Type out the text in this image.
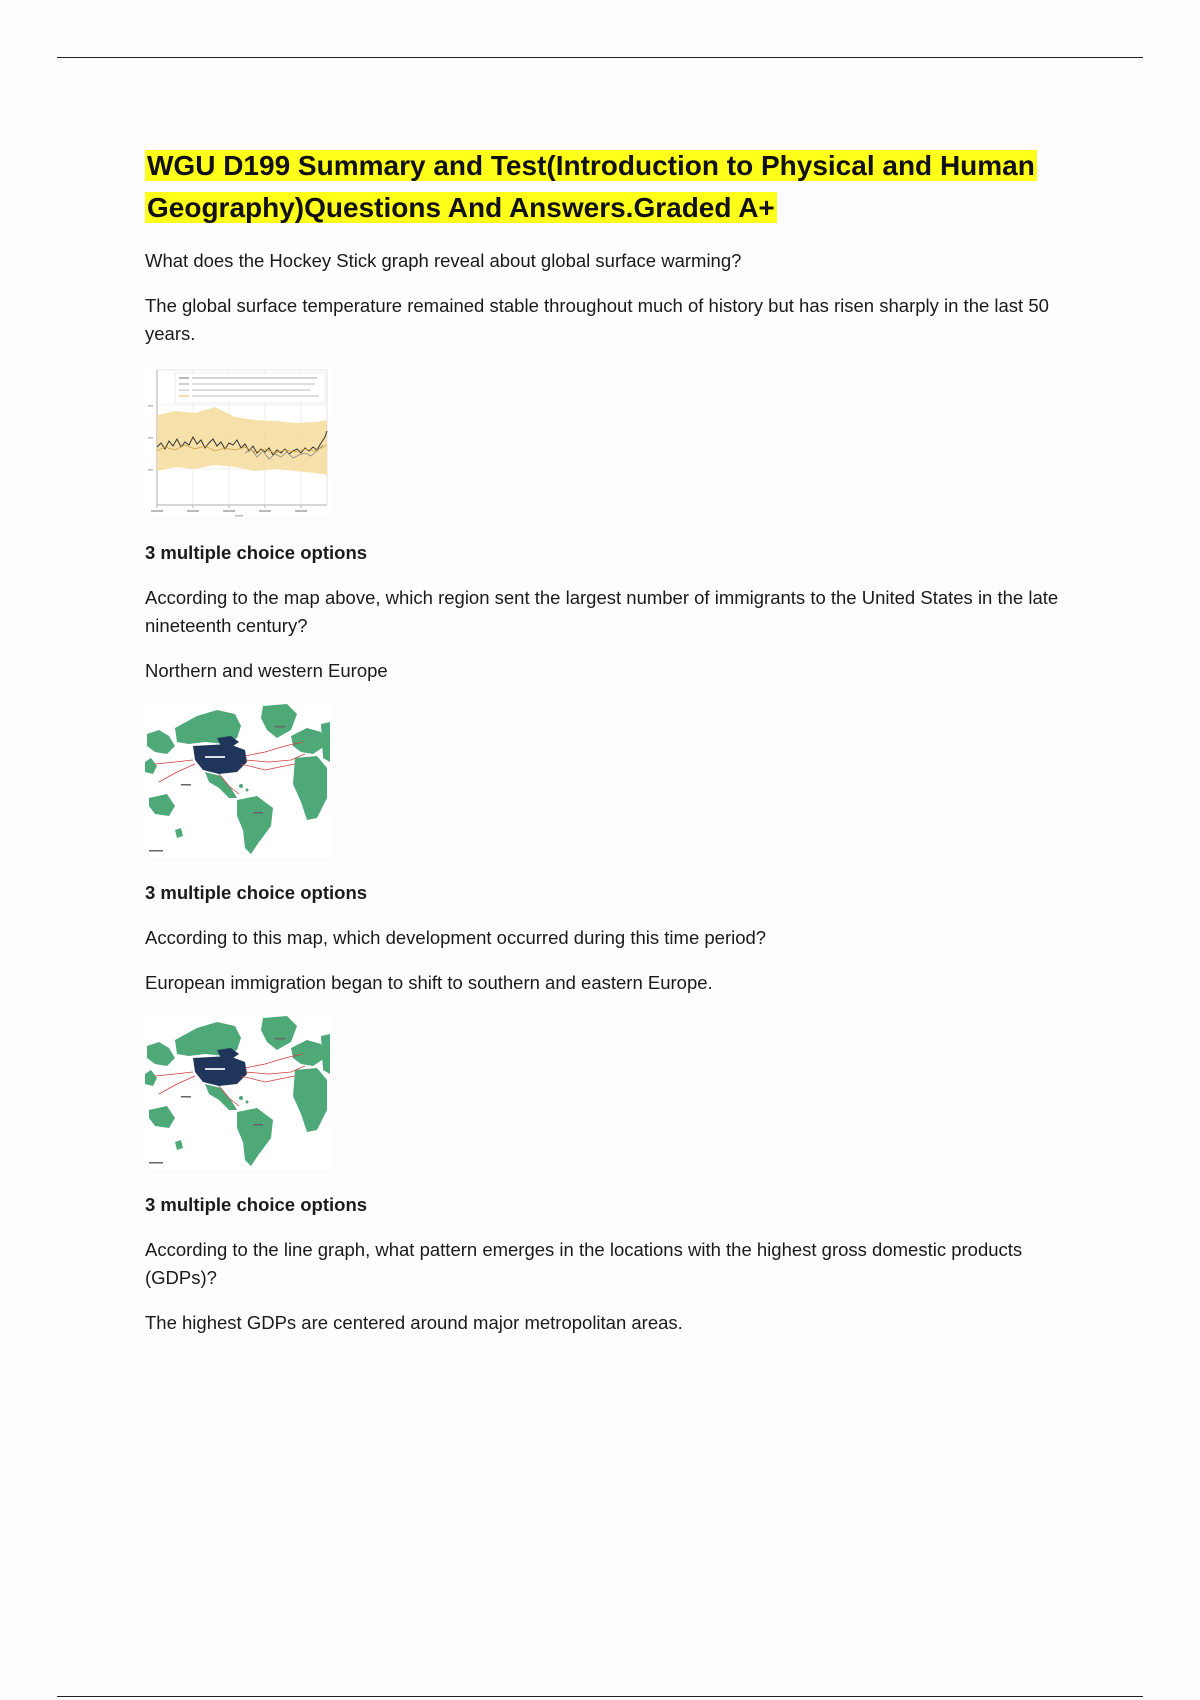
WGU D199 Summary and Test(Introduction to Physical and Human Geography)Questions And Answers.Graded A+

What does the Hockey Stick graph reveal about global surface warming?

The global surface temperature remained stable throughout much of history but has risen sharply in the last 50 years.

3 multiple choice options

According to the map above, which region sent the largest number of immigrants to the United States in the late nineteenth century?

Northern and western Europe

3 multiple choice options

According to this map, which development occurred during this time period?

European immigration began to shift to southern and eastern Europe.

3 multiple choice options

According to the line graph, what pattern emerges in the locations with the highest gross domestic products (GDPs)?

The highest GDPs are centered around major metropolitan areas.
